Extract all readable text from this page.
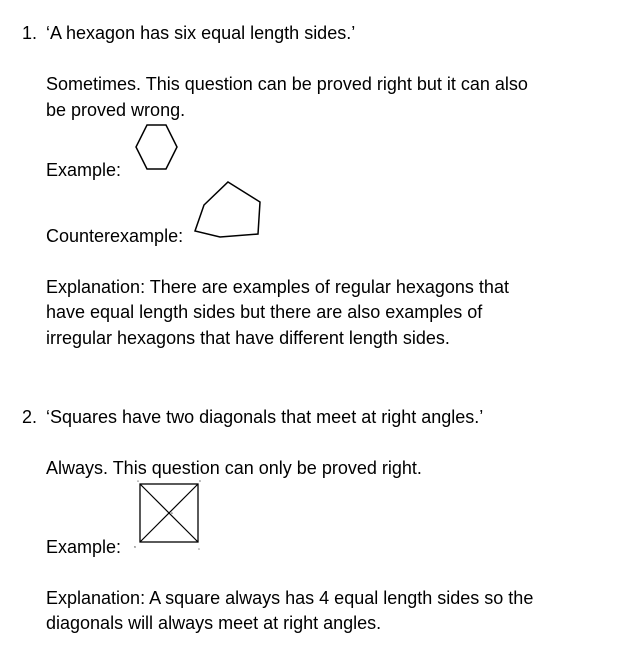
1. ‘A hexagon has six equal length sides.’
Sometimes. This question can be proved right but it can also
be proved wrong.
Example:
Counterexample:
Explanation: There are examples of regular hexagons that
have equal length sides but there are also examples of
irregular hexagons that have different length sides.
2. ‘Squares have two diagonals that meet at right angles.’
Always. This question can only be proved right.
Example:
A	D
B	C
E
Explanation: A square always has 4 equal length sides so the
diagonals will always meet at right angles.
